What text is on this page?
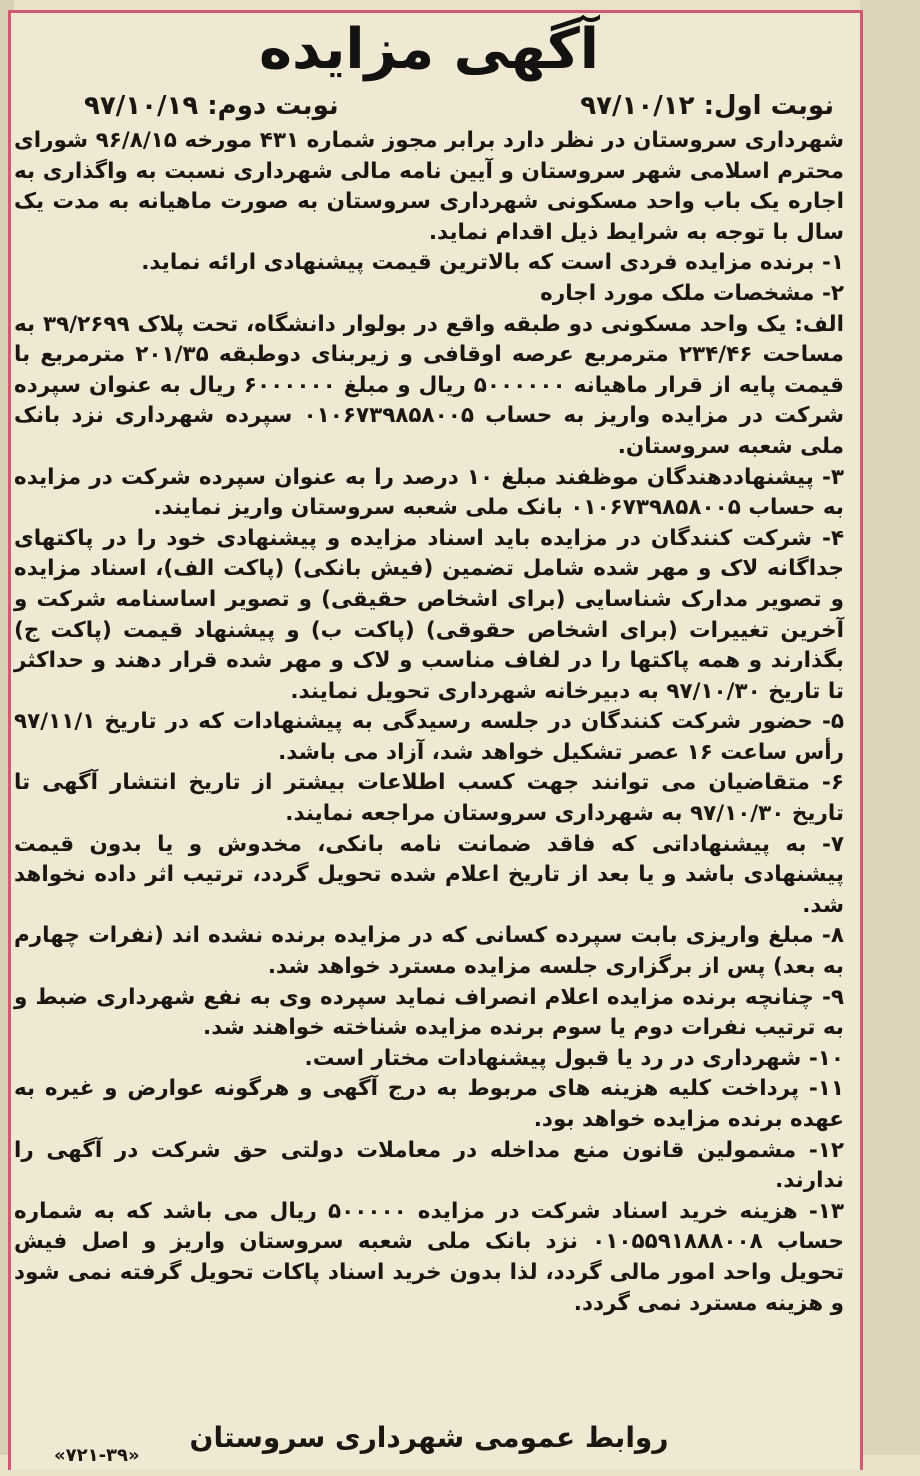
آگهی مزایده
نوبت اول: ۹۷/۱۰/۱۲
نوبت دوم: ۹۷/۱۰/۱۹

شهرداری سروستان در نظر دارد برابر مجوز شماره ۴۳۱ مورخه ۹۶/۸/۱۵ شورای محترم اسلامی شهر سروستان و آیین نامه مالی شهرداری نسبت به واگذاری به اجاره یک باب واحد مسکونی شهرداری سروستان به صورت ماهیانه به مدت یک سال با توجه به شرایط ذیل اقدام نماید.

۱- برنده مزایده فردی است که بالاترین قیمت پیشنهادی ارائه نماید.

۲- مشخصات ملک مورد اجاره

الف: یک واحد مسکونی دو طبقه واقع در بولوار دانشگاه، تحت پلاک ۳۹/۲۶۹۹ به مساحت ۲۳۴/۴۶ مترمربع عرصه اوقافی و زیربنای دوطبقه ۲۰۱/۳۵ مترمربع با قیمت پایه از قرار ماهیانه ۵۰۰۰۰۰۰ ریال و مبلغ ۶۰۰۰۰۰۰ ریال به عنوان سپرده شرکت در مزایده واریز به حساب ۰۱۰۶۷۳۹۸۵۸۰۰۵ سپرده شهرداری نزد بانک ملی شعبه سروستان.

۳- پیشنهاددهندگان موظفند مبلغ ۱۰ درصد را به عنوان سپرده شرکت در مزایده به حساب ۰۱۰۶۷۳۹۸۵۸۰۰۵ بانک ملی شعبه سروستان واریز نمایند.

۴- شرکت کنندگان در مزایده باید اسناد مزایده و پیشنهادی خود را در پاکتهای جداگانه لاک و مهر شده شامل تضمین (فیش بانکی) (پاکت الف)، اسناد مزایده و تصویر مدارک شناسایی (برای اشخاص حقیقی) و تصویر اساسنامه شرکت و آخرین تغییرات (برای اشخاص حقوقی) (پاکت ب) و پیشنهاد قیمت (پاکت ج) بگذارند و همه پاکتها را در لفاف مناسب و لاک و مهر شده قرار دهند و حداکثر تا تاریخ ۹۷/۱۰/۳۰ به دبیرخانه شهرداری تحویل نمایند.

۵- حضور شرکت کنندگان در جلسه رسیدگی به پیشنهادات که در تاریخ ۹۷/۱۱/۱ رأس ساعت ۱۶ عصر تشکیل خواهد شد، آزاد می باشد.

۶- متقاضیان می توانند جهت کسب اطلاعات بیشتر از تاریخ انتشار آگهی تا تاریخ ۹۷/۱۰/۳۰ به شهرداری سروستان مراجعه نمایند.

۷- به پیشنهاداتی که فاقد ضمانت نامه بانکی، مخدوش و یا بدون قیمت پیشنهادی باشد و یا بعد از تاریخ اعلام شده تحویل گردد، ترتیب اثر داده نخواهد شد.

۸- مبلغ واریزی بابت سپرده کسانی که در مزایده برنده نشده اند (نفرات چهارم به بعد) پس از برگزاری جلسه مزایده مسترد خواهد شد.

۹- چنانچه برنده مزایده اعلام انصراف نماید سپرده وی به نفع شهرداری ضبط و به ترتیب نفرات دوم یا سوم برنده مزایده شناخته خواهند شد.

۱۰- شهرداری در رد یا قبول پیشنهادات مختار است.

۱۱- پرداخت کلیه هزینه های مربوط به درج آگهی و هرگونه عوارض و غیره به عهده برنده مزایده خواهد بود.

۱۲- مشمولین قانون منع مداخله در معاملات دولتی حق شرکت در آگهی را ندارند.

۱۳- هزینه خرید اسناد شرکت در مزایده ۵۰۰۰۰۰ ریال می باشد که به شماره حساب ۰۱۰۵۵۹۱۸۸۸۰۰۸ نزد بانک ملی شعبه سروستان واریز و اصل فیش تحویل واحد امور مالی گردد، لذا بدون خرید اسناد پاکات تحویل گرفته نمی شود و هزینه مسترد نمی گردد.

روابط عمومی شهرداری سروستان
«۷۲۱-۳۹»
